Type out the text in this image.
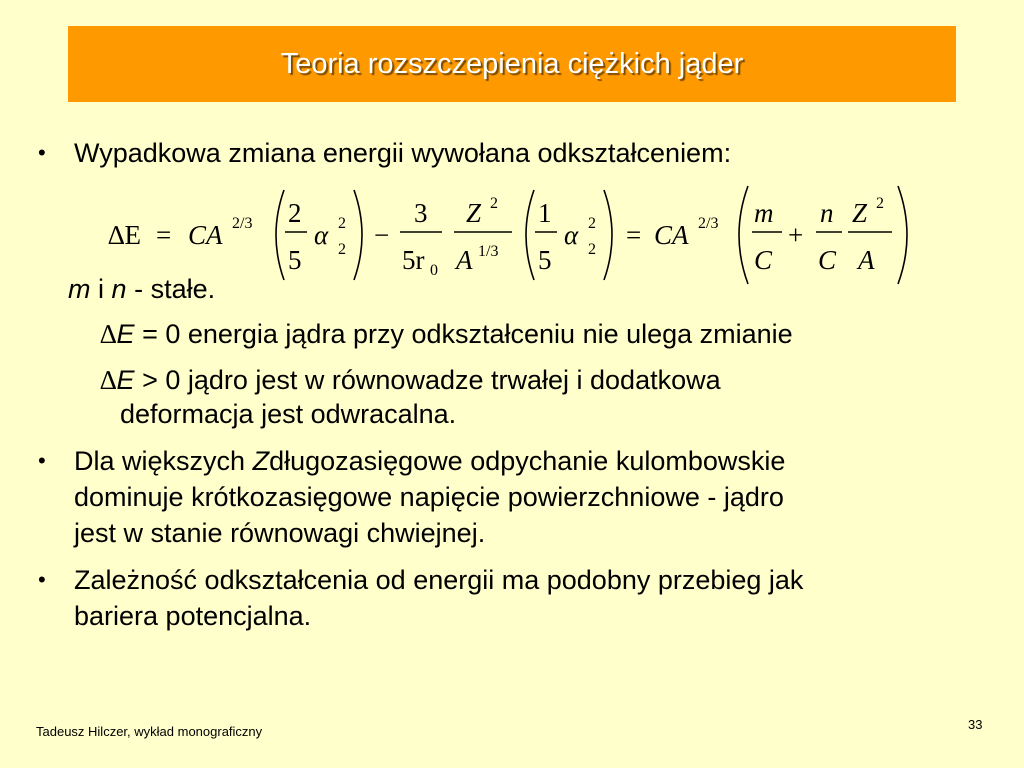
Teoria rozszczepienia ciężkich jąder
• Wypadkowa zmiana energii wywołana odkształceniem:
∆E = CA 2/3 2
5
α 2
2 −
3
5r 0
Z 2
A 1/3
1
5
α 2
2 = CA 2/3 m
C
+
n
C
Z 2
A
m i n - stałe.
∆E = 0 energia jądra przy odkształceniu nie ulega zmianie
∆E > 0 jądro jest w równowadze trwałej i dodatkowa
deformacja jest odwracalna.
• Dla większych Zdługozasięgowe odpychanie kulombowskie
dominuje krótkozasięgowe napięcie powierzchniowe - jądro
jest w stanie równowagi chwiejnej.
• Zależność odkształcenia od energii ma podobny przebieg jak
bariera potencjalna.
Tadeusz Hilczer, wykład monograficzny	33
